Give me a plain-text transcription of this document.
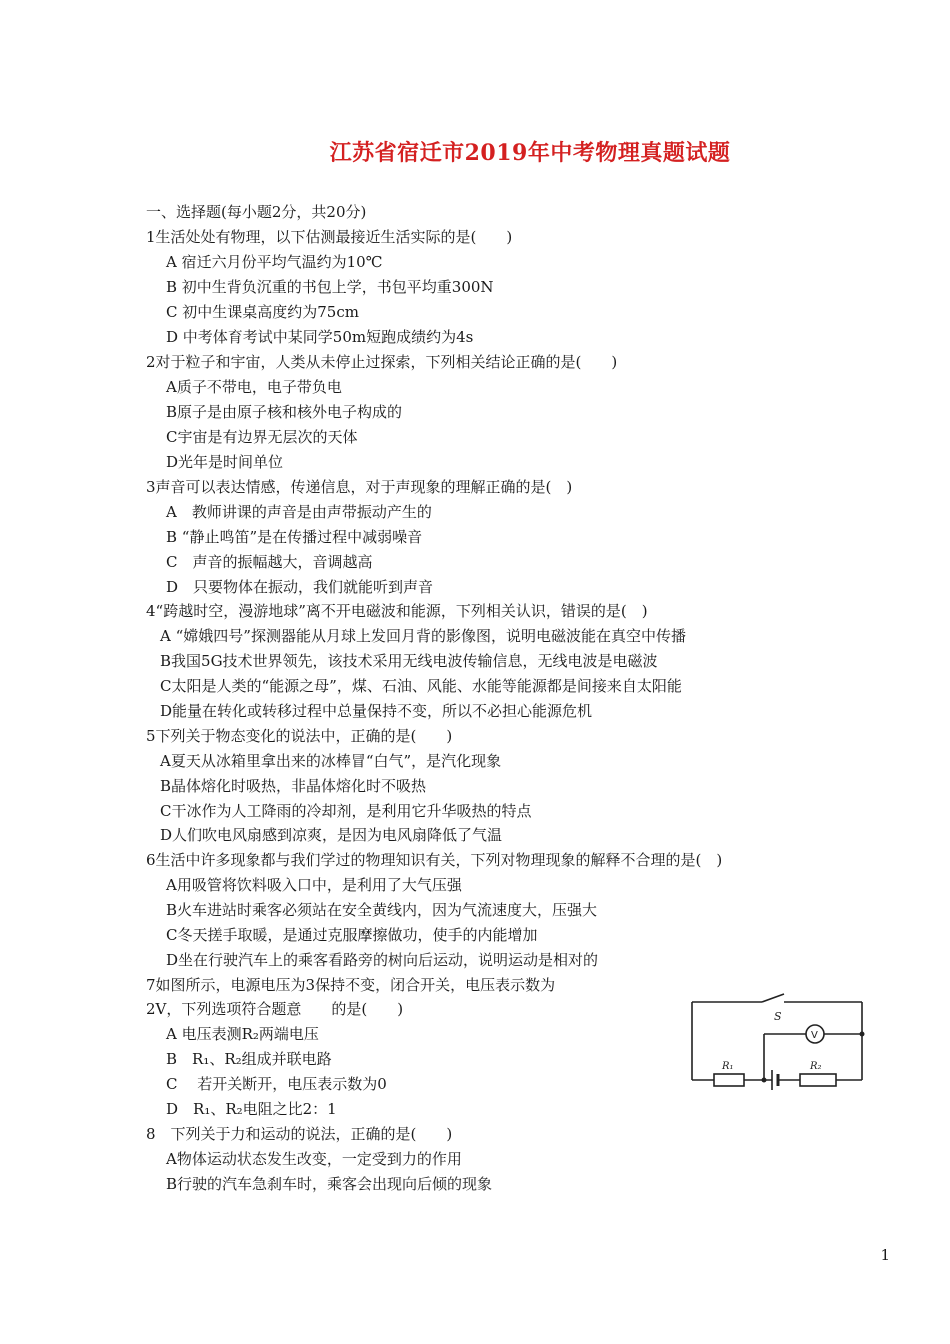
江苏省宿迁市2019年中考物理真题试题
一、选择题(每小题2分，共20分)
1生活处处有物理，以下估测最接近生活实际的是(　　)
A 宿迁六月份平均气温约为10℃
B 初中生背负沉重的书包上学，书包平均重300N
C 初中生课桌高度约为75cm
D 中考体育考试中某同学50m短跑成绩约为4s
2对于粒子和宇宙，人类从未停止过探索，下列相关结论正确的是(　　)
A质子不带电，电子带负电
B原子是由原子核和核外电子构成的
C宇宙是有边界无层次的天体
D光年是时间单位
3声音可以表达情感，传递信息，对于声现象的理解正确的是(　)
A　教师讲课的声音是由声带振动产生的
B “静止鸣笛”是在传播过程中减弱噪音
C　声音的振幅越大，音调越高
D　只要物体在振动，我们就能听到声音
4“跨越时空，漫游地球”离不开电磁波和能源，下列相关认识，错误的是(　)
A “嫦娥四号”探测器能从月球上发回月背的影像图，说明电磁波能在真空中传播
B我国5G技术世界领先，该技术采用无线电波传输信息，无线电波是电磁波
C太阳是人类的“能源之母”，煤、石油、风能、水能等能源都是间接来自太阳能
D能量在转化或转移过程中总量保持不变，所以不必担心能源危机
5下列关于物态变化的说法中，正确的是(　　)
A夏天从冰箱里拿出来的冰棒冒“白气”，是汽化现象
B晶体熔化时吸热，非晶体熔化时不吸热
C干冰作为人工降雨的冷却剂，是利用它升华吸热的特点
D人们吹电风扇感到凉爽，是因为电风扇降低了气温
6生活中许多现象都与我们学过的物理知识有关，下列对物理现象的解释不合理的是(　)
A用吸管将饮料吸入口中，是利用了大气压强
B火车进站时乘客必须站在安全黄线内，因为气流速度大，压强大
C冬天搓手取暖，是通过克服摩擦做功，使手的内能增加
D坐在行驶汽车上的乘客看路旁的树向后运动，说明运动是相对的
7如图所示，电源电压为3保持不变，闭合开关，电压表示数为
2V，下列选项符合题意　　的是(　　)
A 电压表测R₂两端电压
B　R₁、R₂组成并联电路
C　 若开关断开，电压表示数为0
D　R₁、R₂电阻之比2：1
8　下列关于力和运动的说法，正确的是(　　)
A物体运动状态发生改变，一定受到力的作用
B行驶的汽车急刹车时，乘客会出现向后倾的现象
S
V
R₁	R₂
1
